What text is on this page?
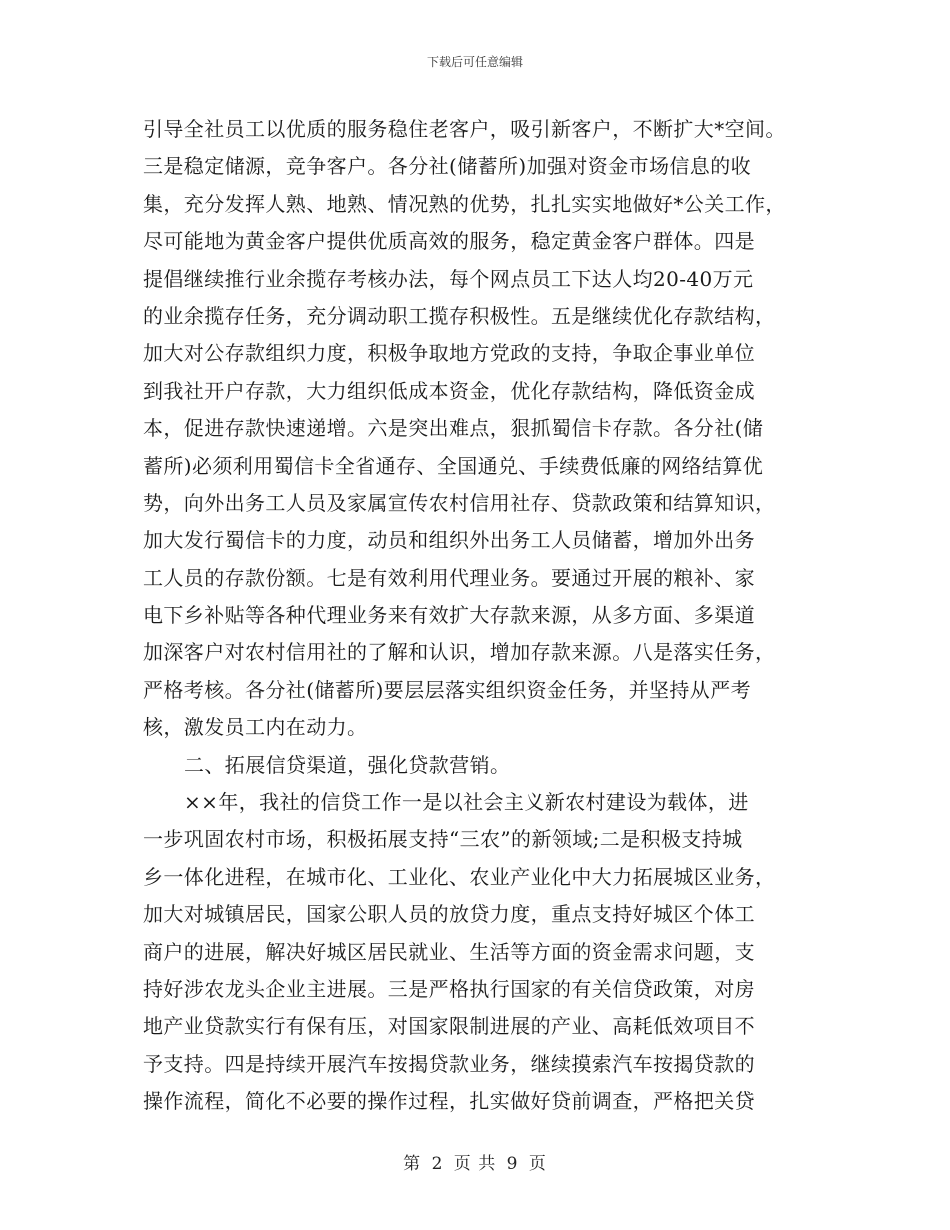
下载后可任意编辑
引导全社员工以优质的服务稳住老客户，吸引新客户，不断扩大*空间。
三是稳定储源，竞争客户。各分社(储蓄所)加强对资金市场信息的收
集，充分发挥人熟、地熟、情况熟的优势，扎扎实实地做好*公关工作，
尽可能地为黄金客户提供优质高效的服务，稳定黄金客户群体。四是
提倡继续推行业余揽存考核办法，每个网点员工下达人均20-40万元
的业余揽存任务，充分调动职工揽存积极性。五是继续优化存款结构，
加大对公存款组织力度，积极争取地方党政的支持，争取企事业单位
到我社开户存款，大力组织低成本资金，优化存款结构，降低资金成
本，促进存款快速递增。六是突出难点，狠抓蜀信卡存款。各分社(储
蓄所)必须利用蜀信卡全省通存、全国通兑、手续费低廉的网络结算优
势，向外出务工人员及家属宣传农村信用社存、贷款政策和结算知识，
加大发行蜀信卡的力度，动员和组织外出务工人员储蓄，增加外出务
工人员的存款份额。七是有效利用代理业务。要通过开展的粮补、家
电下乡补贴等各种代理业务来有效扩大存款来源，从多方面、多渠道
加深客户对农村信用社的了解和认识，增加存款来源。八是落实任务，
严格考核。各分社(储蓄所)要层层落实组织资金任务，并坚持从严考
核，激发员工内在动力。
二、拓展信贷渠道，强化贷款营销。
××年，我社的信贷工作一是以社会主义新农村建设为载体，进
一步巩固农村市场，积极拓展支持“三农”的新领域;二是积极支持城
乡一体化进程，在城市化、工业化、农业产业化中大力拓展城区业务，
加大对城镇居民，国家公职人员的放贷力度，重点支持好城区个体工
商户的进展，解决好城区居民就业、生活等方面的资金需求问题，支
持好涉农龙头企业主进展。三是严格执行国家的有关信贷政策，对房
地产业贷款实行有保有压，对国家限制进展的产业、高耗低效项目不
予支持。四是持续开展汽车按揭贷款业务，继续摸索汽车按揭贷款的
操作流程，简化不必要的操作过程，扎实做好贷前调查，严格把关贷
第 2 页 共 9 页
